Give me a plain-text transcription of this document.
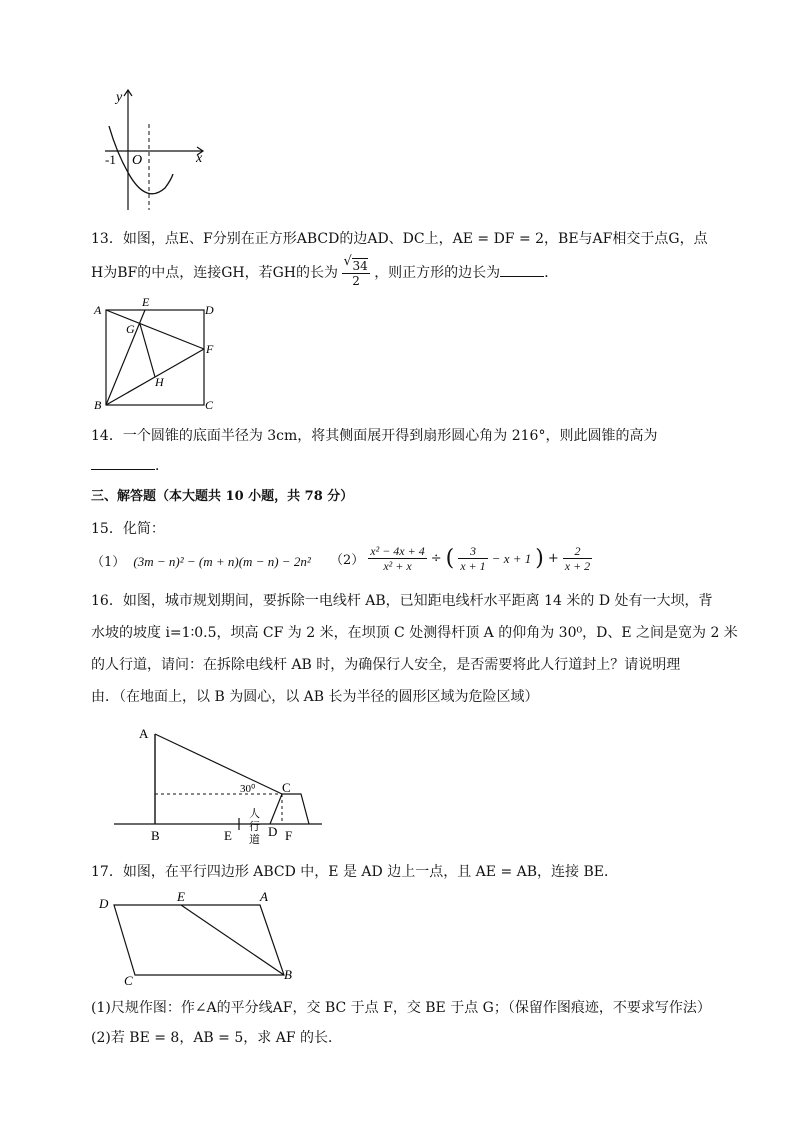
y
x
O
-1
13．如图，点E、F分别在正方形ABCD的边AD、DC上，AE = DF = 2，BE与AF相交于点G，点
H为BF的中点，连接GH，若GH的长为
√ $\frac{34}{2}$ ，则正方形的边长为	．
A
E
D
G
F
H
B	C
14．一个圆锥的底面半径为 3cm，将其侧面展开得到扇形圆心角为 216°，则此圆锥的高为
．
三、解答题（本大题共 10 小题，共 78 分）
15．化简：
（1） (3m − n)² − (m + n)(m − n) − 2n² $(2) \frac{\text{x² − 4x + 4}}{\text{x² + x}}$ ÷ ( $\frac{3}{x + 1} - x + 1$ ) + $\frac{2}{x + 2}$
16．如图，城市规划期间，要拆除一电线杆 AB，已知距电线杆水平距离 14 米的 D 处有一大坝，背
水坡的坡度 i=1∶0.5，坝高 CF 为 2 米，在坝顶 C 处测得杆顶 A 的仰角为 30⁰，D、E 之间是宽为 2 米
的人行道，请问：在拆除电线杆 AB 时，为确保行人安全，是否需要将此人行道封上？请说明理
由．（在地面上，以 B 为圆心，以 AB 长为半径的圆形区域为危险区域）
A
B	E
C
D F
30⁰
人
行
道
17．如图，在平行四边形 ABCD 中，E 是 AD 边上一点，且 AE = AB，连接 BE．
D	E	A
C	B
(1)尺规作图：作∠A的平分线AF，交 BC 于点 F，交 BE 于点 G；（保留作图痕迹，不要求写作法）
(2)若 BE = 8，AB = 5，求 AF 的长．
